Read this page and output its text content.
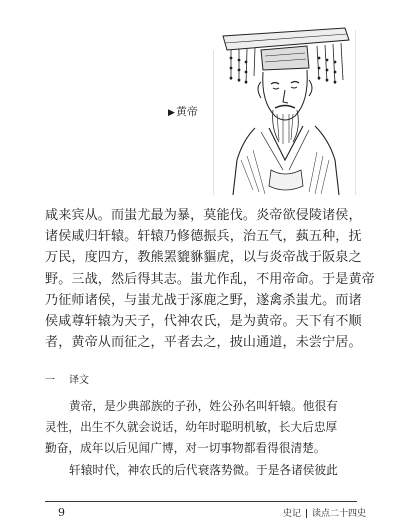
▶黄帝

咸来宾从。而蚩尤最为暴，莫能伐。炎帝欲侵陵诸侯，

诸侯咸归轩辕。轩辕乃修德振兵，治五气，蓺五种，抚

万民，度四方，教熊罴貔貅貙虎，以与炎帝战于阪泉之

野。三战，然后得其志。蚩尤作乱，不用帝命。于是黄帝

乃征师诸侯，与蚩尤战于涿鹿之野，遂禽杀蚩尤。而诸

侯咸尊轩辕为天子，代神农氏，是为黄帝。天下有不顺

者，黄帝从而征之，平者去之，披山通道，未尝宁居。

一 译文

黄帝，是少典部族的子孙，姓公孙名叫轩辕。他很有

灵性，出生不久就会说话，幼年时聪明机敏，长大后忠厚

勤奋，成年以后见闻广博，对一切事物都看得很清楚。

轩辕时代，神农氏的后代衰落势微。于是各诸侯彼此

9	史记 读点二十四史
